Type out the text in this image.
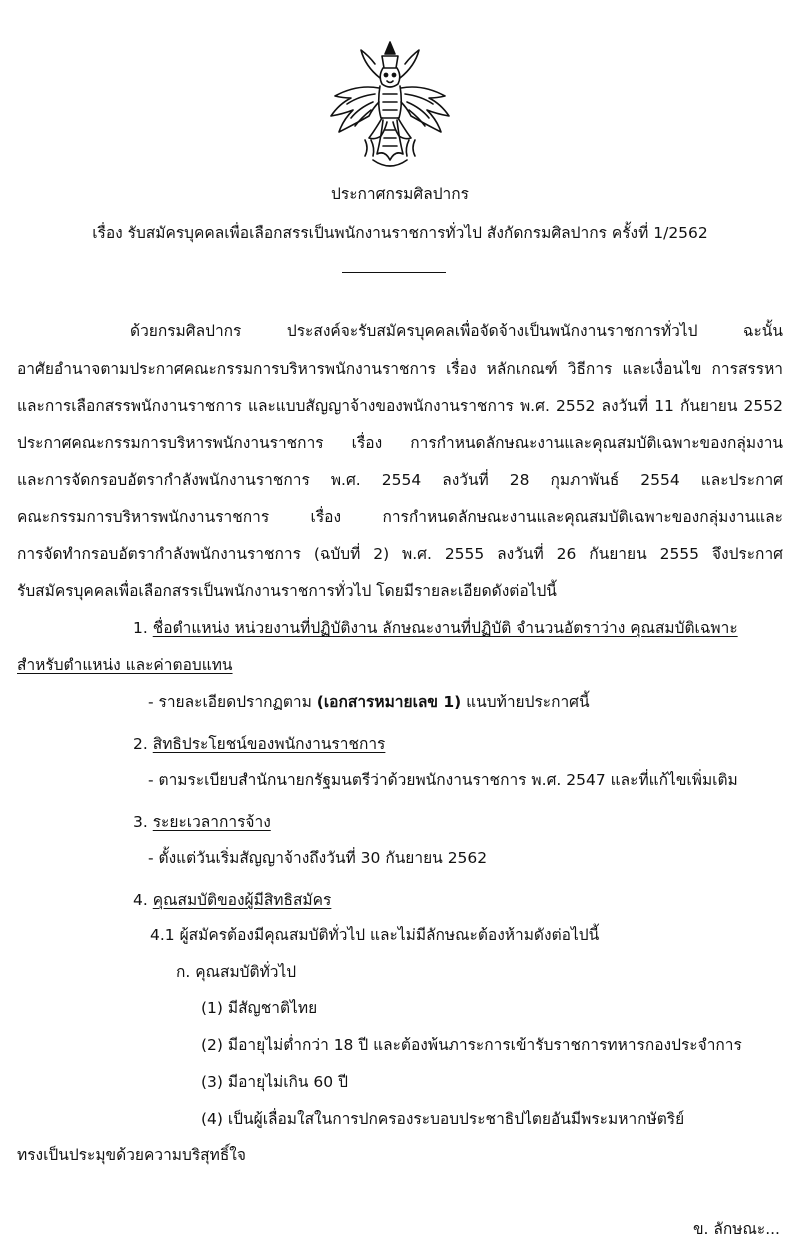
ประกาศกรมศิลปากร
เรื่อง รับสมัครบุคคลเพื่อเลือกสรรเป็นพนักงานราชการทั่วไป สังกัดกรมศิลปากร ครั้งที่ 1/2562
ด้วยกรมศิลปากร ประสงค์จะรับสมัครบุคคลเพื่อจัดจ้างเป็นพนักงานราชการทั่วไป ฉะนั้น
อาศัยอำนาจตามประกาศคณะกรรมการบริหารพนักงานราชการ เรื่อง หลักเกณฑ์ วิธีการ และเงื่อนไข การสรรหา
และการเลือกสรรพนักงานราชการ และแบบสัญญาจ้างของพนักงานราชการ พ.ศ. 2552 ลงวันที่ 11 กันยายน 2552
ประกาศคณะกรรมการบริหารพนักงานราชการ เรื่อง การกำหนดลักษณะงานและคุณสมบัติเฉพาะของกลุ่มงาน
และการจัดกรอบอัตรากำลังพนักงานราชการ พ.ศ. 2554 ลงวันที่ 28 กุมภาพันธ์ 2554 และประกาศ
คณะกรรมการบริหารพนักงานราชการ เรื่อง การกำหนดลักษณะงานและคุณสมบัติเฉพาะของกลุ่มงานและ
การจัดทำกรอบอัตรากำลังพนักงานราชการ (ฉบับที่ 2) พ.ศ. 2555 ลงวันที่ 26 กันยายน 2555 จึงประกาศ
รับสมัครบุคคลเพื่อเลือกสรรเป็นพนักงานราชการทั่วไป โดยมีรายละเอียดดังต่อไปนี้
1. ชื่อตำแหน่ง หน่วยงานที่ปฏิบัติงาน ลักษณะงานที่ปฏิบัติ จำนวนอัตราว่าง คุณสมบัติเฉพาะ
สำหรับตำแหน่ง และค่าตอบแทน
- รายละเอียดปรากฏตาม (เอกสารหมายเลข 1) แนบท้ายประกาศนี้
2. สิทธิประโยชน์ของพนักงานราชการ
- ตามระเบียบสำนักนายกรัฐมนตรีว่าด้วยพนักงานราชการ พ.ศ. 2547 และที่แก้ไขเพิ่มเติม
3. ระยะเวลาการจ้าง
- ตั้งแต่วันเริ่มสัญญาจ้างถึงวันที่ 30 กันยายน 2562
4. คุณสมบัติของผู้มีสิทธิสมัคร
4.1 ผู้สมัครต้องมีคุณสมบัติทั่วไป และไม่มีลักษณะต้องห้ามดังต่อไปนี้
ก. คุณสมบัติทั่วไป
(1) มีสัญชาติไทย
(2) มีอายุไม่ต่ำกว่า 18 ปี และต้องพ้นภาระการเข้ารับราชการทหารกองประจำการ
(3) มีอายุไม่เกิน 60 ปี
(4) เป็นผู้เลื่อมใสในการปกครองระบอบประชาธิปไตยอันมีพระมหากษัตริย์
ทรงเป็นประมุขด้วยความบริสุทธิ์ใจ
ข. ลักษณะ...
